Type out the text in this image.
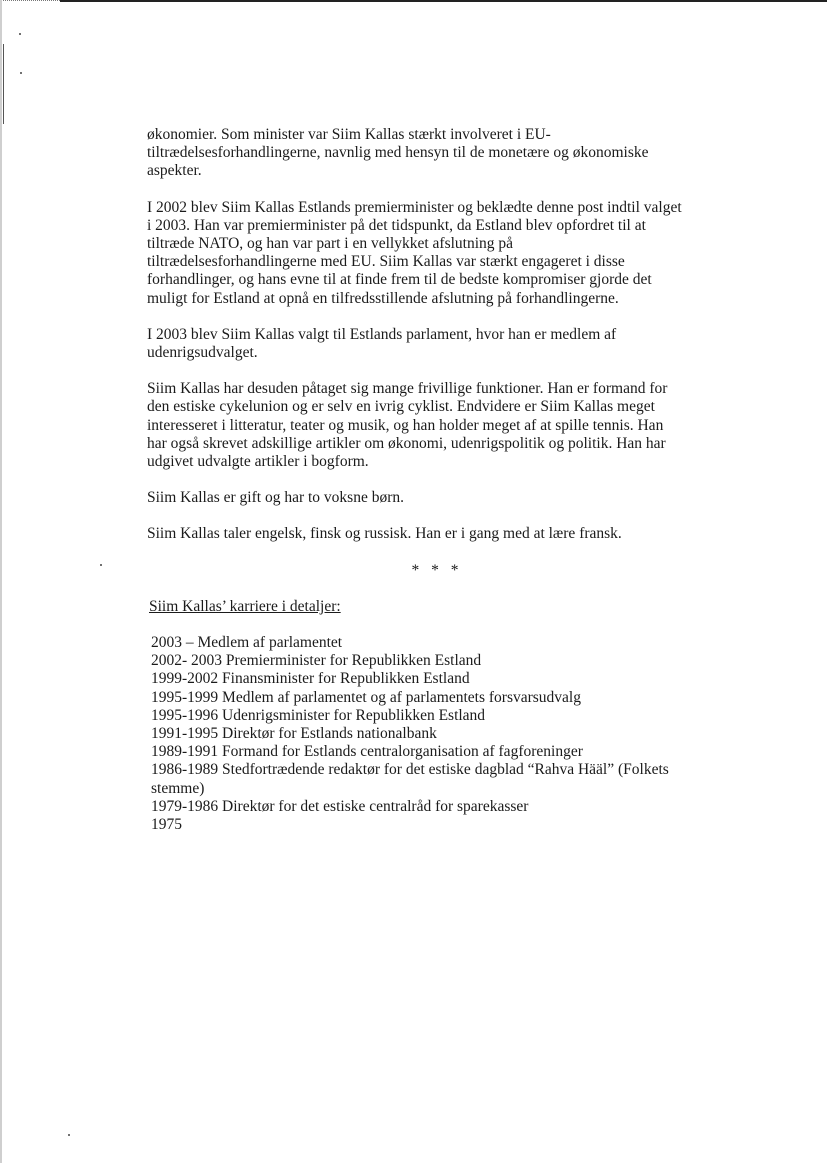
økonomier. Som minister var Siim Kallas stærkt involveret i EU-
tiltrædelsesforhandlingerne, navnlig med hensyn til de monetære og økonomiske
aspekter.

I 2002 blev Siim Kallas Estlands premierminister og beklædte denne post indtil valget
i 2003. Han var premierminister på det tidspunkt, da Estland blev opfordret til at
tiltræde NATO, og han var part i en vellykket afslutning på
tiltrædelsesforhandlingerne med EU. Siim Kallas var stærkt engageret i disse
forhandlinger, og hans evne til at finde frem til de bedste kompromiser gjorde det
muligt for Estland at opnå en tilfredsstillende afslutning på forhandlingerne.

I 2003 blev Siim Kallas valgt til Estlands parlament, hvor han er medlem af
udenrigsudvalget.

Siim Kallas har desuden påtaget sig mange frivillige funktioner. Han er formand for
den estiske cykelunion og er selv en ivrig cyklist. Endvidere er Siim Kallas meget
interesseret i litteratur, teater og musik, og han holder meget af at spille tennis. Han
har også skrevet adskillige artikler om økonomi, udenrigspolitik og politik. Han har
udgivet udvalgte artikler i bogform.

Siim Kallas er gift og har to voksne børn.

Siim Kallas taler engelsk, finsk og russisk. Han er i gang med at lære fransk.

* * *
Siim Kallas’ karriere i detaljer:
2003 – Medlem af parlamentet
2002- 2003 Premierminister for Republikken Estland
1999-2002 Finansminister for Republikken Estland
1995-1999 Medlem af parlamentet og af parlamentets forsvarsudvalg
1995-1996 Udenrigsminister for Republikken Estland
1991-1995 Direktør for Estlands nationalbank
1989-1991 Formand for Estlands centralorganisation af fagforeninger
1986-1989 Stedfortrædende redaktør for det estiske dagblad “Rahva Hääl” (Folkets
stemme)
1979-1986 Direktør for det estiske centralråd for sparekasser
1975
